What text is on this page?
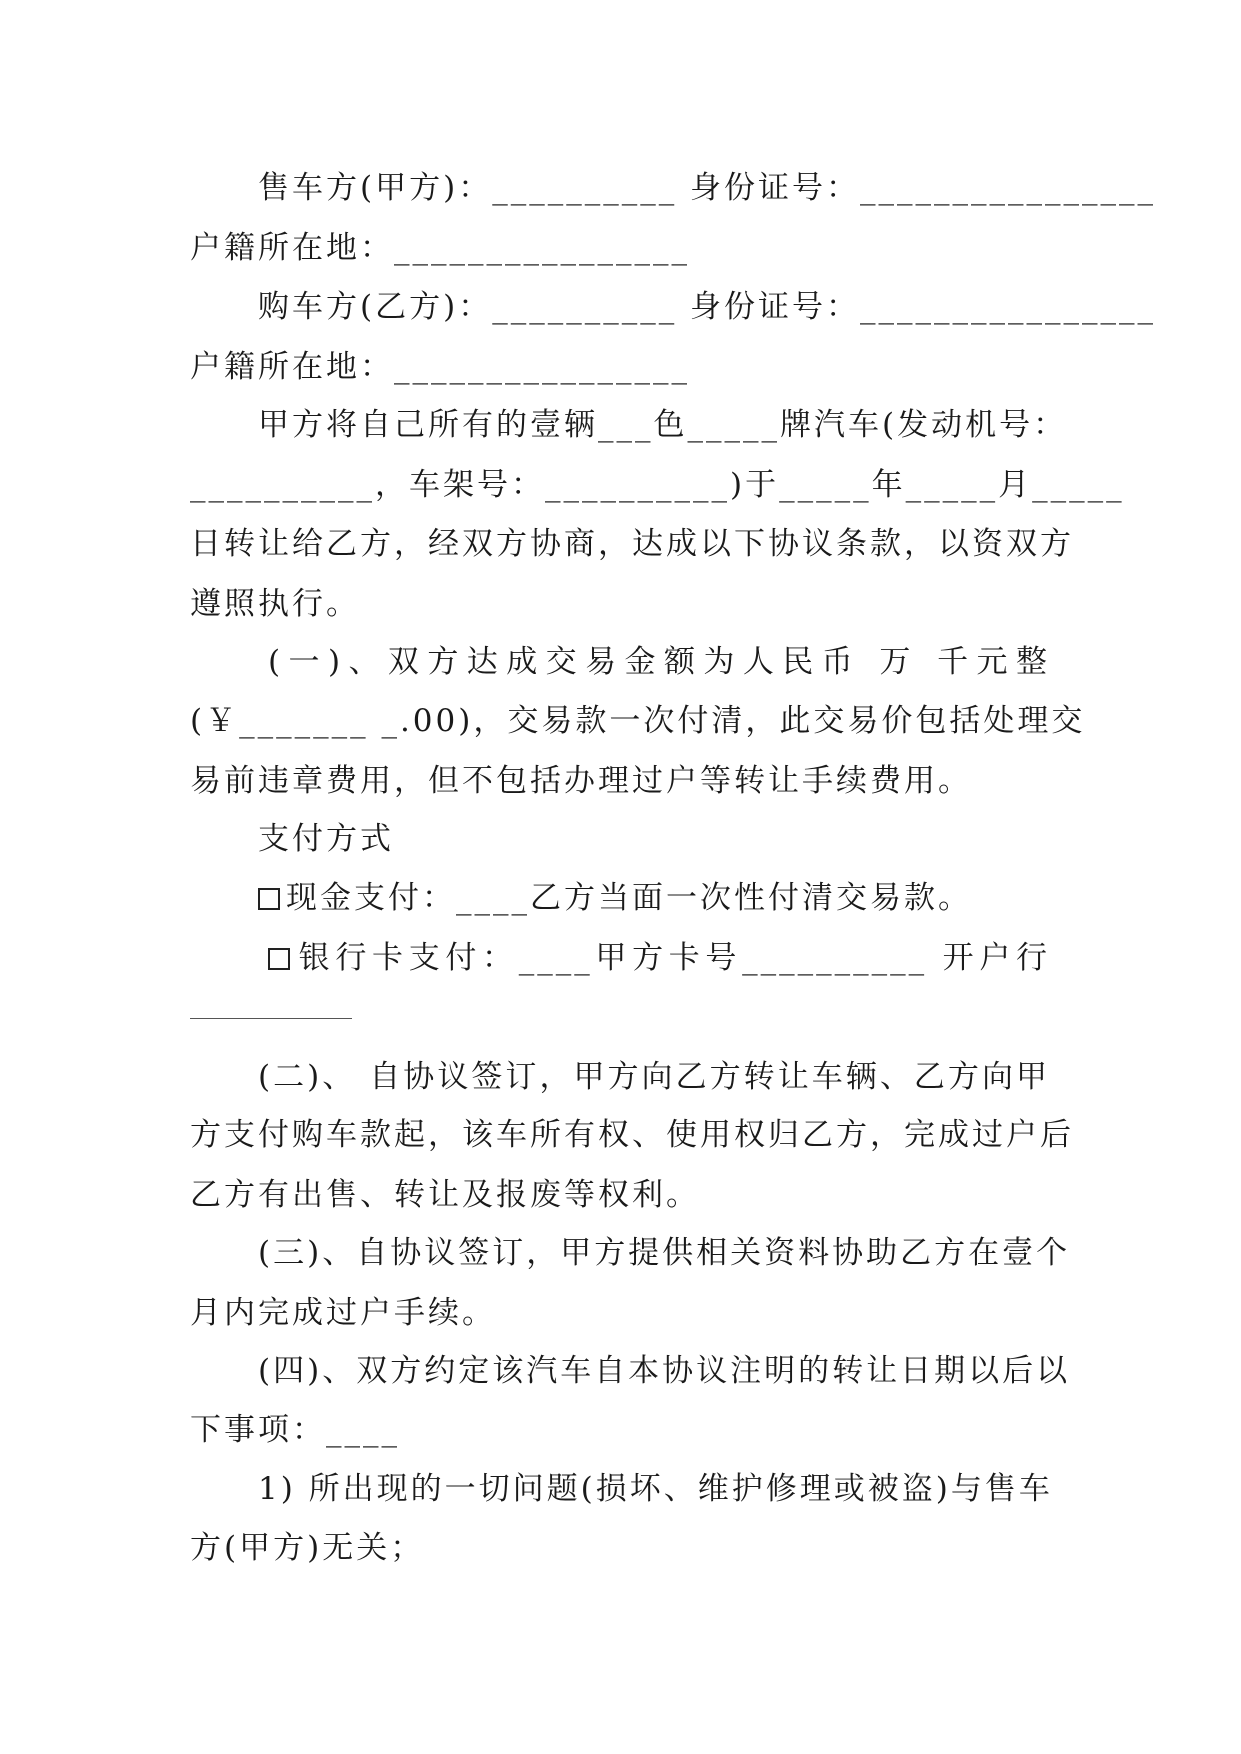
售车方(甲方)：__________ 身份证号：________________
户籍所在地：________________
购车方(乙方)：__________ 身份证号：________________
户籍所在地：________________
甲方将自己所有的壹辆___色_____牌汽车(发动机号：
__________，车架号：__________)于_____年_____月_____
日转让给乙方，经双方协商，达成以下协议条款，以资双方
遵照执行。
(一)、双方达成交易金额为人民币 万 千元整
(￥_______ _.00)，交易款一次付清，此交易价包括处理交
易前违章费用，但不包括办理过户等转让手续费用。
支付方式
现金支付：____乙方当面一次性付清交易款。
银行卡支付：____甲方卡号__________ 开户行
(二)、 自协议签订，甲方向乙方转让车辆、乙方向甲
方支付购车款起，该车所有权、使用权归乙方，完成过户后
乙方有出售、转让及报废等权利。
(三)、自协议签订，甲方提供相关资料协助乙方在壹个
月内完成过户手续。
(四)、双方约定该汽车自本协议注明的转让日期以后以
下事项：____
1) 所出现的一切问题(损坏、维护修理或被盗)与售车
方(甲方)无关；
